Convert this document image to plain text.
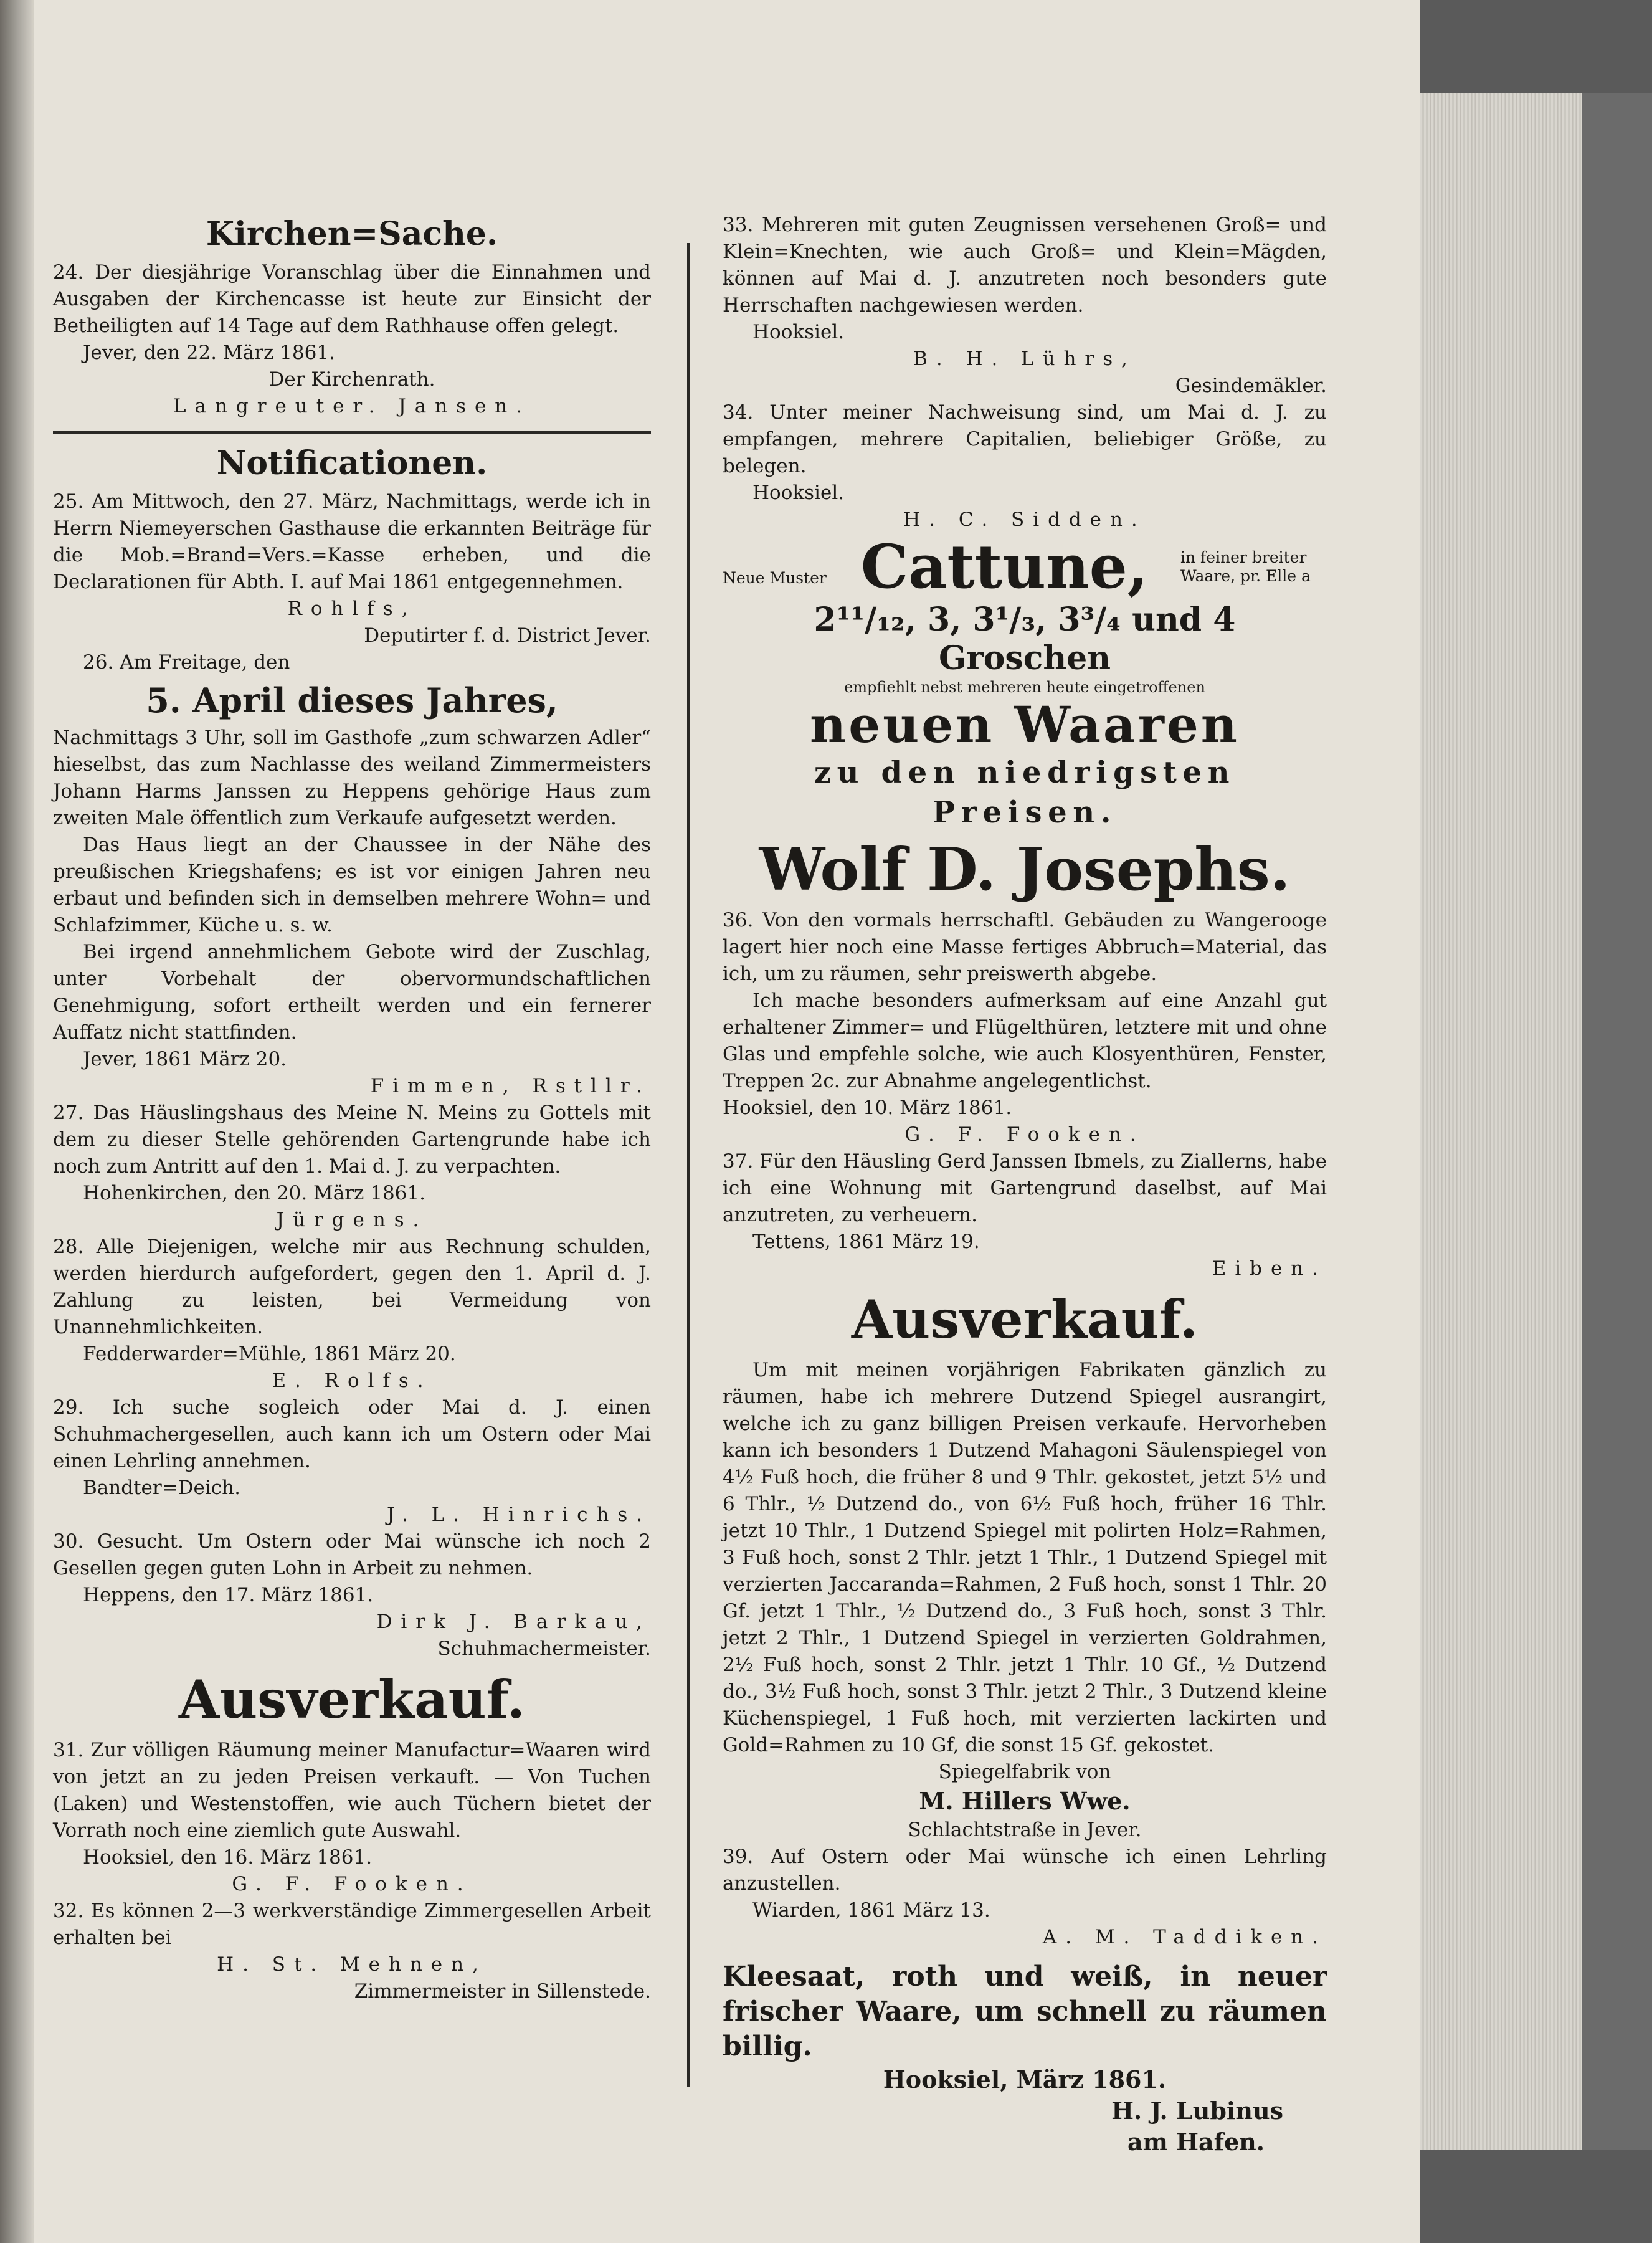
Kirchen=Sache.

24. Der diesjährige Voranschlag über die Einnahmen und Ausgaben der Kirchencasse ist heute zur Einsicht der Betheiligten auf 14 Tage auf dem Rathhause offen gelegt.

Jever, den 22. März 1861.

Der Kirchenrath.

Langreuter. Jansen.

Notificationen.

25. Am Mittwoch, den 27. März, Nachmittags, werde ich in Herrn Niemeyerschen Gasthause die erkannten Beiträge für die Mob.=Brand=Vers.=Kasse erheben, und die Declarationen für Abth. I. auf Mai 1861 entgegennehmen.

Rohlfs,

Deputirter f. d. District Jever.

26. Am Freitage, den

5. April dieses Jahres,

Nachmittags 3 Uhr, soll im Gasthofe „zum schwarzen Adler“ hieselbst, das zum Nachlasse des weiland Zimmermeisters Johann Harms Janssen zu Heppens gehörige Haus zum zweiten Male öffentlich zum Verkaufe aufgesetzt werden.

Das Haus liegt an der Chaussee in der Nähe des preußischen Kriegshafens; es ist vor einigen Jahren neu erbaut und befinden sich in demselben mehrere Wohn= und Schlafzimmer, Küche u. s. w.

Bei irgend annehmlichem Gebote wird der Zuschlag, unter Vorbehalt der obervormundschaftlichen Genehmigung, sofort ertheilt werden und ein fernerer Auffatz nicht stattfinden.

Jever, 1861 März 20.

Fimmen, Rstllr.

27. Das Häuslingshaus des Meine N. Meins zu Gottels mit dem zu dieser Stelle gehörenden Gartengrunde habe ich noch zum Antritt auf den 1. Mai d. J. zu verpachten.

Hohenkirchen, den 20. März 1861.

Jürgens.

28. Alle Diejenigen, welche mir aus Rechnung schulden, werden hierdurch aufgefordert, gegen den 1. April d. J. Zahlung zu leisten, bei Vermeidung von Unannehmlichkeiten.

Fedderwarder=Mühle, 1861 März 20.

E. Rolfs.

29. Ich suche sogleich oder Mai d. J. einen Schuhmachergesellen, auch kann ich um Ostern oder Mai einen Lehrling annehmen.

Bandter=Deich.

J. L. Hinrichs.

30. Gesucht. Um Ostern oder Mai wünsche ich noch 2 Gesellen gegen guten Lohn in Arbeit zu nehmen.

Heppens, den 17. März 1861.

Dirk J. Barkau,

Schuhmachermeister.

Ausverkauf.

31. Zur völligen Räumung meiner Manufactur=Waaren wird von jetzt an zu jeden Preisen verkauft. — Von Tuchen (Laken) und Westenstoffen, wie auch Tüchern bietet der Vorrath noch eine ziemlich gute Auswahl.

Hooksiel, den 16. März 1861.

G. F. Fooken.

32. Es können 2—3 werkverständige Zimmergesellen Arbeit erhalten bei

H. St. Mehnen,

Zimmermeister in Sillenstede.

33. Mehreren mit guten Zeugnissen versehenen Groß= und Klein=Knechten, wie auch Groß= und Klein=Mägden, können auf Mai d. J. anzutreten noch besonders gute Herrschaften nachgewiesen werden.

Hooksiel.

B. H. Lührs,

Gesindemäkler.

34. Unter meiner Nachweisung sind, um Mai d. J. zu empfangen, mehrere Capitalien, beliebiger Größe, zu belegen.

Hooksiel.

H. C. Sidden.

Neue Muster Cattune, in feiner breiter Waare, pr. Elle a

2¹¹/₁₂, 3, 3¹/₃, 3³/₄ und 4 Groschen

empfiehlt nebst mehreren heute eingetroffenen

neuen Waaren

zu den niedrigsten Preisen.

Wolf D. Josephs.

36. Von den vormals herrschaftl. Gebäuden zu Wangerooge lagert hier noch eine Masse fertiges Abbruch=Material, das ich, um zu räumen, sehr preiswerth abgebe.

Ich mache besonders aufmerksam auf eine Anzahl gut erhaltener Zimmer= und Flügelthüren, letztere mit und ohne Glas und empfehle solche, wie auch Klosyenthüren, Fenster, Treppen 2c. zur Abnahme angelegentlichst.

Hooksiel, den 10. März 1861.

G. F. Fooken.

37. Für den Häusling Gerd Janssen Ibmels, zu Ziallerns, habe ich eine Wohnung mit Gartengrund daselbst, auf Mai anzutreten, zu verheuern.

Tettens, 1861 März 19.

Eiben.

Ausverkauf.

Um mit meinen vorjährigen Fabrikaten gänzlich zu räumen, habe ich mehrere Dutzend Spiegel ausrangirt, welche ich zu ganz billigen Preisen verkaufe. Hervorheben kann ich besonders 1 Dutzend Mahagoni Säulenspiegel von 4½ Fuß hoch, die früher 8 und 9 Thlr. gekostet, jetzt 5½ und 6 Thlr., ½ Dutzend do., von 6½ Fuß hoch, früher 16 Thlr. jetzt 10 Thlr., 1 Dutzend Spiegel mit polirten Holz=Rahmen, 3 Fuß hoch, sonst 2 Thlr. jetzt 1 Thlr., 1 Dutzend Spiegel mit verzierten Jaccaranda=Rahmen, 2 Fuß hoch, sonst 1 Thlr. 20 Gf. jetzt 1 Thlr., ½ Dutzend do., 3 Fuß hoch, sonst 3 Thlr. jetzt 2 Thlr., 1 Dutzend Spiegel in verzierten Goldrahmen, 2½ Fuß hoch, sonst 2 Thlr. jetzt 1 Thlr. 10 Gf., ½ Dutzend do., 3½ Fuß hoch, sonst 3 Thlr. jetzt 2 Thlr., 3 Dutzend kleine Küchenspiegel, 1 Fuß hoch, mit verzierten lackirten und Gold=Rahmen zu 10 Gf, die sonst 15 Gf. gekostet.

Spiegelfabrik von

M. Hillers Wwe.

Schlachtstraße in Jever.

39. Auf Ostern oder Mai wünsche ich einen Lehrling anzustellen.

Wiarden, 1861 März 13.

A. M. Taddiken.

Kleesaat, roth und weiß, in neuer frischer Waare, um schnell zu räumen billig.

Hooksiel, März 1861.

H. J. Lubinus

am Hafen.
